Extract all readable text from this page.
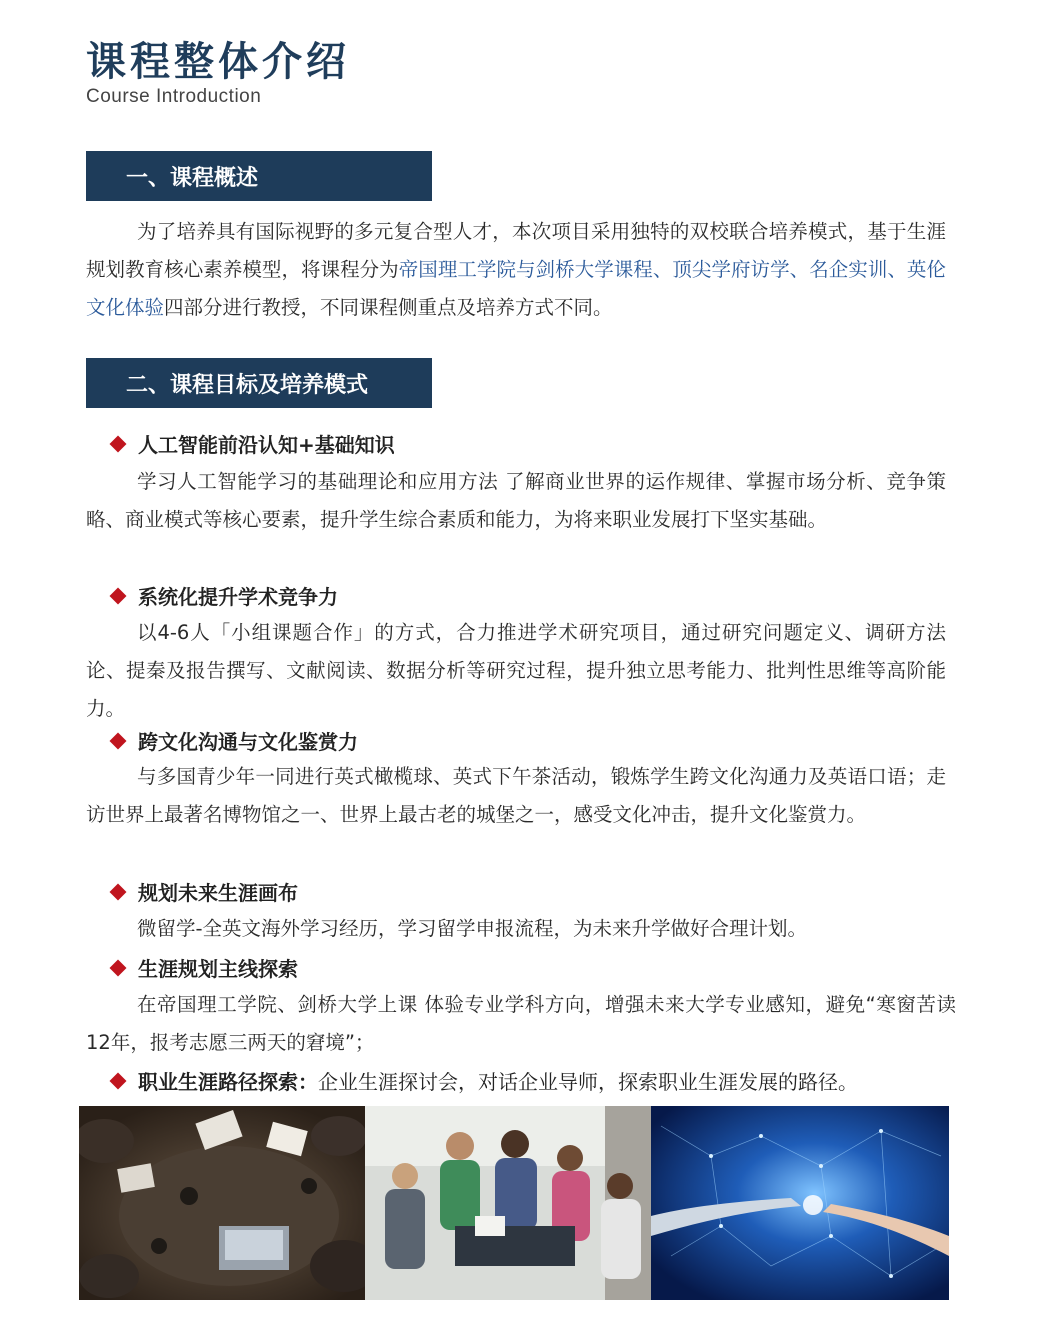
课程整体介绍
Course Introduction
一、课程概述

为了培养具有国际视野的多元复合型人才，本次项目采用独特的双校联合培养模式，基于生涯规划教育核心素养模型，将课程分为帝国理工学院与剑桥大学课程、顶尖学府访学、名企实训、英伦文化体验四部分进行教授，不同课程侧重点及培养方式不同。

二、课程目标及培养模式
人工智能前沿认知+基础知识

学习人工智能学习的基础理论和应用方法 了解商业世界的运作规律、掌握市场分析、竞争策略、商业模式等核心要素，提升学生综合素质和能力，为将来职业发展打下坚实基础。

系统化提升学术竞争力

以4-6人「小组课题合作」的方式，合力推进学术研究项目，通过研究问题定义、调研方法论、提秦及报告撰写、文献阅读、数据分析等研究过程，提升独立思考能力、批判性思维等高阶能力。

跨文化沟通与文化鉴赏力

与多国青少年一同进行英式橄榄球、英式下午茶活动，锻炼学生跨文化沟通力及英语口语；走访世界上最著名博物馆之一、世界上最古老的城堡之一，感受文化冲击，提升文化鉴赏力。

规划未来生涯画布

微留学-全英文海外学习经历，学习留学申报流程，为未来升学做好合理计划。

生涯规划主线探索

在帝国理工学院、剑桥大学上课 体验专业学科方向，增强未来大学专业感知，避免“寒窗苦读12年，报考志愿三两天的窘境”；

职业生涯路径探索： 企业生涯探讨会，对话企业导师，探索职业生涯发展的路径。
